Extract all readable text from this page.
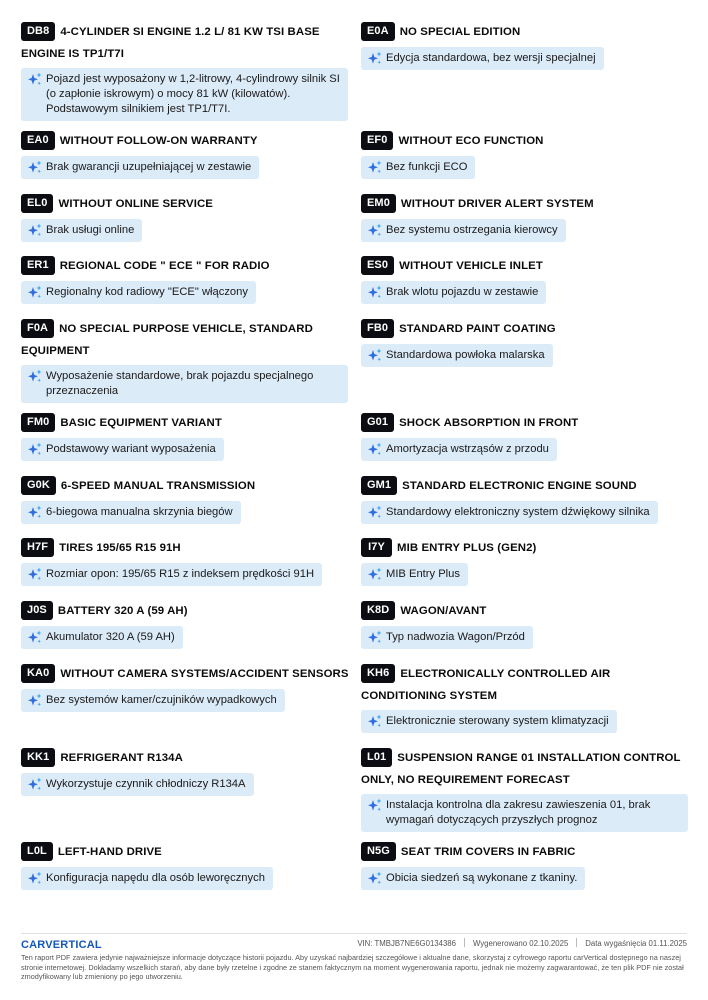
DB8 4-CYLINDER SI ENGINE 1.2 L/ 81 KW TSI BASE ENGINE IS TP1/T7I
Pojazd jest wyposażony w 1,2-litrowy, 4-cylindrowy silnik SI (o zapłonie iskrowym) o mocy 81 kW (kilowatów). Podstawowym silnikiem jest TP1/T7I.
EA0 WITHOUT FOLLOW-ON WARRANTY
Brak gwarancji uzupełniającej w zestawie
EL0 WITHOUT ONLINE SERVICE
Brak usługi online
ER1 REGIONAL CODE " ECE " FOR RADIO
Regionalny kod radiowy "ECE" włączony
F0A NO SPECIAL PURPOSE VEHICLE, STANDARD EQUIPMENT
Wyposażenie standardowe, brak pojazdu specjalnego przeznaczenia
FM0 BASIC EQUIPMENT VARIANT
Podstawowy wariant wyposażenia
G0K 6-SPEED MANUAL TRANSMISSION
6-biegowa manualna skrzynia biegów
H7F TIRES 195/65 R15 91H
Rozmiar opon: 195/65 R15 z indeksem prędkości 91H
J0S BATTERY 320 A (59 AH)
Akumulator 320 A (59 AH)
KA0 WITHOUT CAMERA SYSTEMS/ACCIDENT SENSORS
Bez systemów kamer/czujników wypadkowych
KK1 REFRIGERANT R134A
Wykorzystuje czynnik chłodniczy R134A
L0L LEFT-HAND DRIVE
Konfiguracja napędu dla osób leworęcznych
E0A NO SPECIAL EDITION
Edycja standardowa, bez wersji specjalnej
EF0 WITHOUT ECO FUNCTION
Bez funkcji ECO
EM0 WITHOUT DRIVER ALERT SYSTEM
Bez systemu ostrzegania kierowcy
ES0 WITHOUT VEHICLE INLET
Brak wlotu pojazdu w zestawie
FB0 STANDARD PAINT COATING
Standardowa powłoka malarska
G01 SHOCK ABSORPTION IN FRONT
Amortyzacja wstrząsów z przodu
GM1 STANDARD ELECTRONIC ENGINE SOUND
Standardowy elektroniczny system dźwiękowy silnika
I7Y MIB ENTRY PLUS (GEN2)
MIB Entry Plus
K8D WAGON/AVANT
Typ nadwozia Wagon/Przód
KH6 ELECTRONICALLY CONTROLLED AIR CONDITIONING SYSTEM
Elektronicznie sterowany system klimatyzacji
L01 SUSPENSION RANGE 01 INSTALLATION CONTROL ONLY, NO REQUIREMENT FORECAST
Instalacja kontrolna dla zakresu zawieszenia 01, brak wymagań dotyczących przyszłych prognoz
N5G SEAT TRIM COVERS IN FABRIC
Obicia siedzeń są wykonane z tkaniny.
CARVERTICAL	VIN: TMBJB7NE6G0134386 Wygenerowano 02.10.2025 Data wygaśnięcia 01.11.2025
Ten raport PDF zawiera jedynie najważniejsze informacje dotyczące historii pojazdu. Aby uzyskać najbardziej szczegółowe i aktualne dane, skorzystaj z cyfrowego raportu carVertical dostępnego na naszej stronie internetowej. Dokładamy wszelkich starań, aby dane były rzetelne i zgodne ze stanem faktycznym na moment wygenerowania raportu, jednak nie możemy zagwarantować, że ten plik PDF nie został zmodyfikowany lub zmieniony po jego utworzeniu.
